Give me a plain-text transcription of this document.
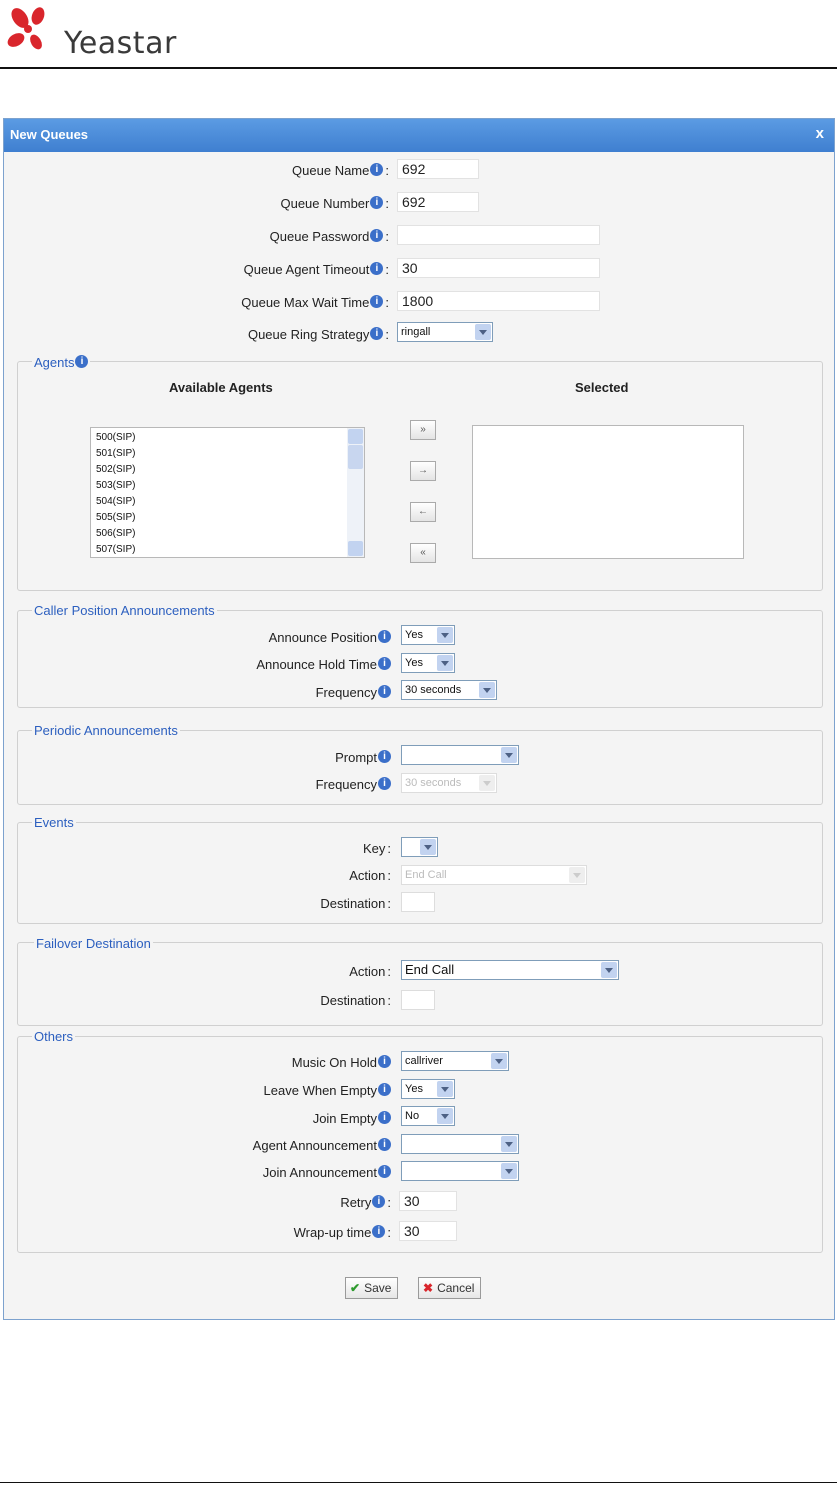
Yeastar
New Queues	x
Queue Name i :
692
Queue Number i :
692
Queue Password i :
Queue Agent Timeout i :
30
Queue Max Wait Time i :
1800
Queue Ring Strategy i :	ringall
Agents i
Available Agents	Selected
500(SIP)
501(SIP)
502(SIP)
503(SIP)
504(SIP)
505(SIP)
506(SIP)
507(SIP)
»
→
←
«
Caller Position Announcements
Announce Position i	Yes
Announce Hold Time i	Yes
Frequency i	30 seconds
Periodic Announcements
Prompt i
Frequency i	30 seconds
Events
Key :
Action :	End Call
Destination :
Failover Destination
Action :	End Call
Destination :
Others
Music On Hold i	callriver
Leave When Empty i	Yes
Join Empty i	No
Agent Announcement i
Join Announcement i
Retry i :
30
Wrap-up time i :
30
✔ Save	✖ Cancel
